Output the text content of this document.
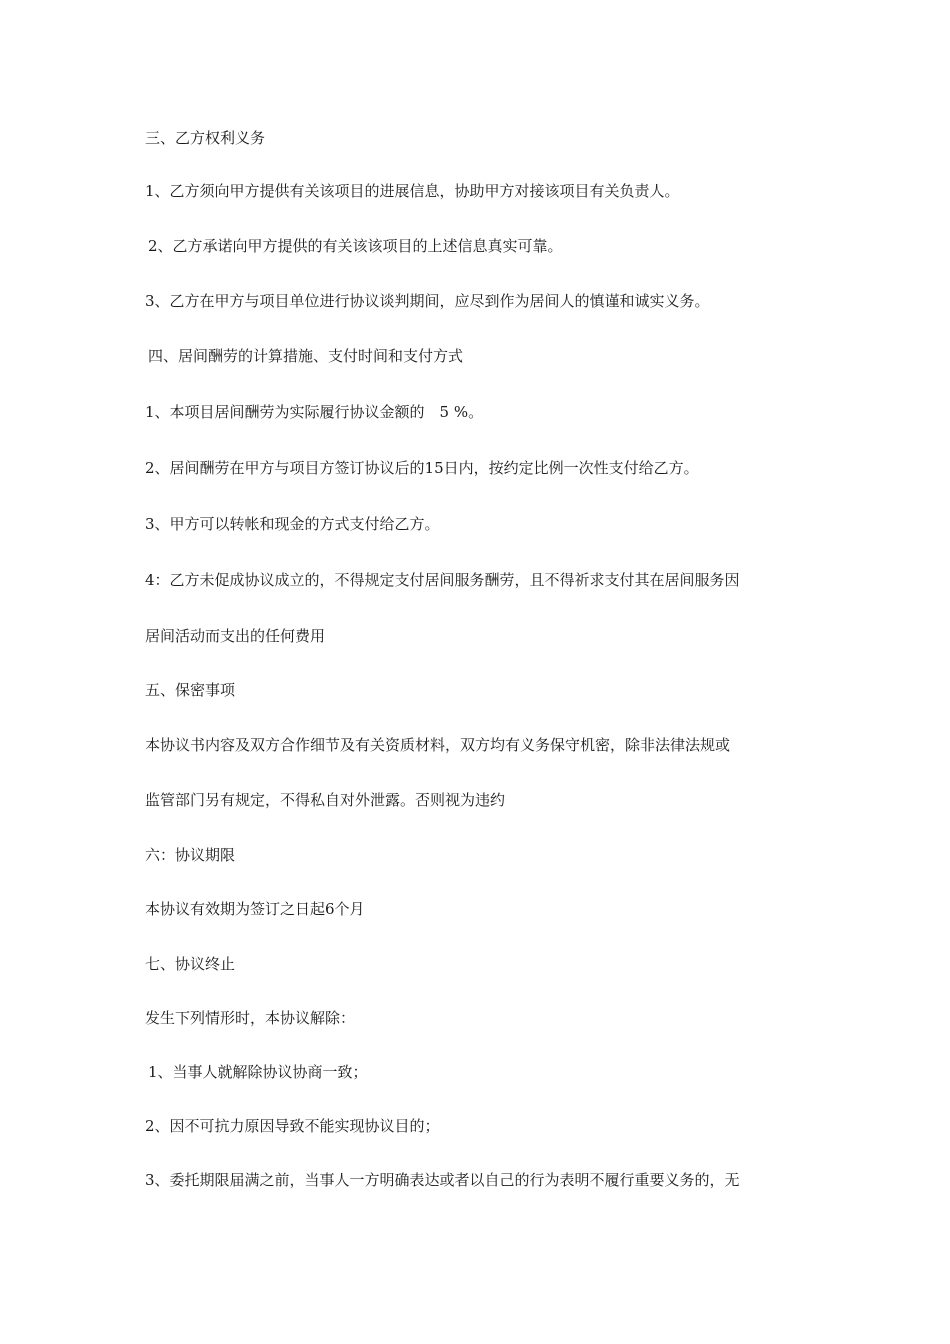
三、乙方权利义务
1、乙方须向甲方提供有关该项目的进展信息，协助甲方对接该项目有关负责人。
2、乙方承诺向甲方提供的有关该该项目的上述信息真实可靠。
3、乙方在甲方与项目单位进行协议谈判期间，应尽到作为居间人的慎谨和诚实义务。
四、居间酬劳的计算措施、支付时间和支付方式
1、本项目居间酬劳为实际履行协议金额的　5 %。
2、居间酬劳在甲方与项目方签订协议后的15日内，按约定比例一次性支付给乙方。
3、甲方可以转帐和现金的方式支付给乙方。
4：乙方未促成协议成立的，不得规定支付居间服务酬劳，且不得祈求支付其在居间服务因
居间活动而支出的任何费用
五、保密事项
本协议书内容及双方合作细节及有关资质材料，双方均有义务保守机密，除非法律法规或
监管部门另有规定，不得私自对外泄露。否则视为违约
六：协议期限
本协议有效期为签订之日起6个月
七、协议终止
发生下列情形时，本协议解除：
1、当事人就解除协议协商一致；
2、因不可抗力原因导致不能实现协议目的；
3、委托期限届满之前，当事人一方明确表达或者以自己的行为表明不履行重要义务的，无
